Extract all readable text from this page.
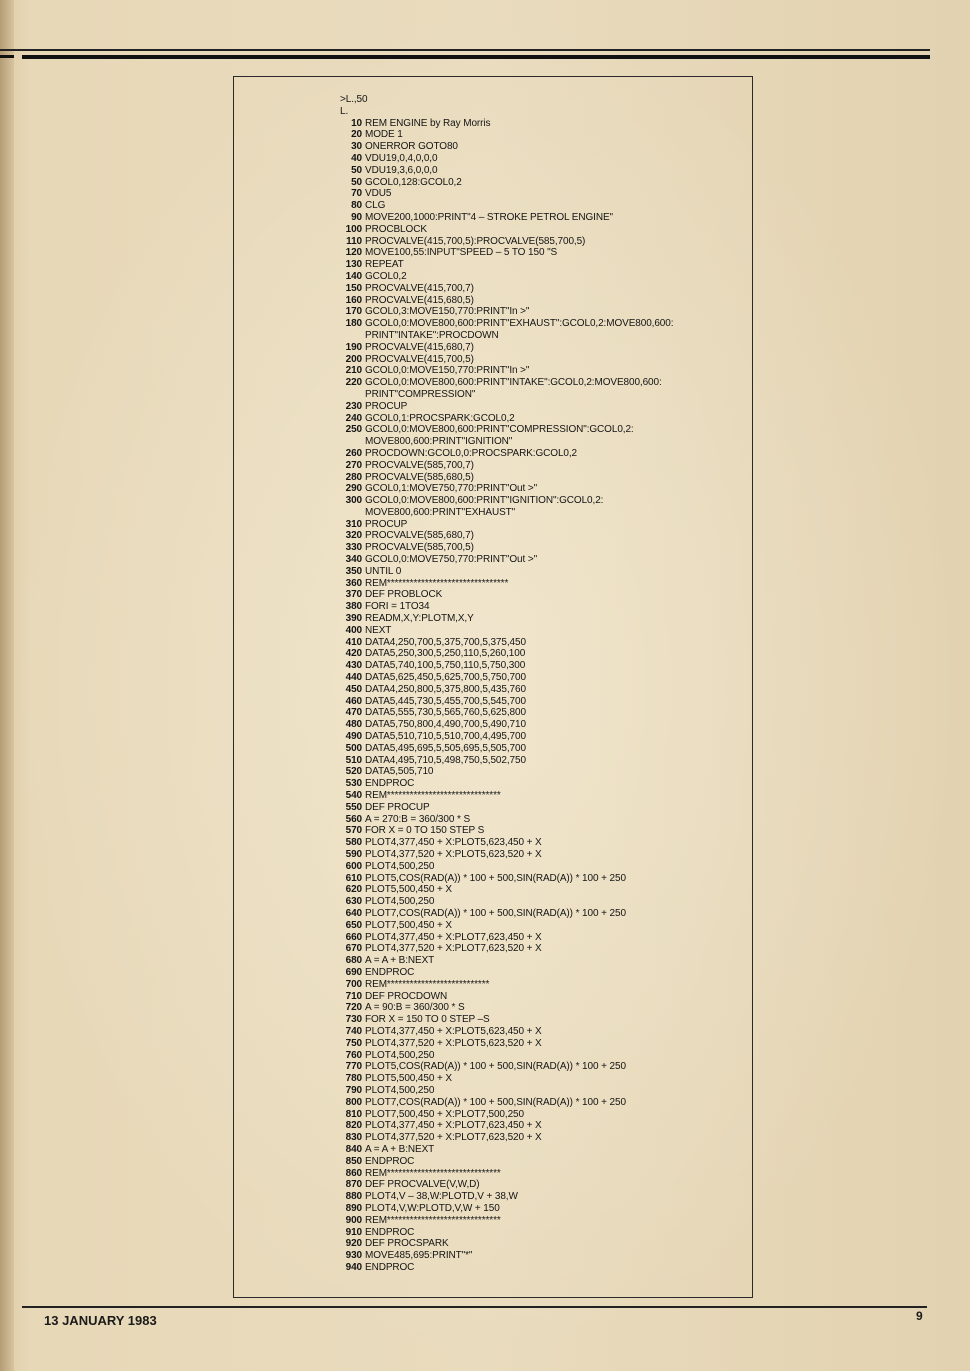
>L.,50
L.
10 REM ENGINE by Ray Morris
20 MODE 1
30 ONERROR GOTO80
40 VDU19,0,4,0,0,0
50 VDU19,3,6,0,0,0
50 GCOL0,128:GCOL0,2
70 VDU5
80 CLG
90 MOVE200,1000:PRINT"4 – STROKE PETROL ENGINE"
100 PROCBLOCK
110 PROCVALVE(415,700,5):PROCVALVE(585,700,5)
120 MOVE100,55:INPUT"SPEED – 5 TO 150 "S
130 REPEAT
140 GCOL0,2
150 PROCVALVE(415,700,7)
160 PROCVALVE(415,680,5)
170 GCOL0,3:MOVE150,770:PRINT"In >"
180 GCOL0,0:MOVE800,600:PRINT"EXHAUST":GCOL0,2:MOVE800,600:
PRINT"INTAKE":PROCDOWN
190 PROCVALVE(415,680,7)
200 PROCVALVE(415,700,5)
210 GCOL0,0:MOVE150,770:PRINT"In >"
220 GCOL0,0:MOVE800,600:PRINT"INTAKE":GCOL0,2:MOVE800,600:
PRINT"COMPRESSION"
230 PROCUP
240 GCOL0,1:PROCSPARK:GCOL0,2
250 GCOL0,0:MOVE800,600:PRINT"COMPRESSION":GCOL0,2:
MOVE800,600:PRINT"IGNITION"
260 PROCDOWN:GCOL0,0:PROCSPARK:GCOL0,2
270 PROCVALVE(585,700,7)
280 PROCVALVE(585,680,5)
290 GCOL0,1:MOVE750,770:PRINT"Out >"
300 GCOL0,0:MOVE800,600:PRINT"IGNITION":GCOL0,2:
MOVE800,600:PRINT"EXHAUST"
310 PROCUP
320 PROCVALVE(585,680,7)
330 PROCVALVE(585,700,5)
340 GCOL0,0:MOVE750,770:PRINT"Out >"
350 UNTIL 0
360 REM********************************
370 DEF PROBLOCK
380 FORI = 1TO34
390 READM,X,Y:PLOTM,X,Y
400 NEXT
410 DATA4,250,700,5,375,700,5,375,450
420 DATA5,250,300,5,250,110,5,260,100
430 DATA5,740,100,5,750,110,5,750,300
440 DATA5,625,450,5,625,700,5,750,700
450 DATA4,250,800,5,375,800,5,435,760
460 DATA5,445,730,5,455,700,5,545,700
470 DATA5,555,730,5,565,760,5,625,800
480 DATA5,750,800,4,490,700,5,490,710
490 DATA5,510,710,5,510,700,4,495,700
500 DATA5,495,695,5,505,695,5,505,700
510 DATA4,495,710,5,498,750,5,502,750
520 DATA5,505,710
530 ENDPROC
540 REM******************************
550 DEF PROCUP
560 A = 270:B = 360/300 * S
570 FOR X = 0 TO 150 STEP S
580 PLOT4,377,450 + X:PLOT5,623,450 + X
590 PLOT4,377,520 + X:PLOT5,623,520 + X
600 PLOT4,500,250
610 PLOT5,COS(RAD(A)) * 100 + 500,SIN(RAD(A)) * 100 + 250
620 PLOT5,500,450 + X
630 PLOT4,500,250
640 PLOT7,COS(RAD(A)) * 100 + 500,SIN(RAD(A)) * 100 + 250
650 PLOT7,500,450 + X
660 PLOT4,377,450 + X:PLOT7,623,450 + X
670 PLOT4,377,520 + X:PLOT7,623,520 + X
680 A = A + B:NEXT
690 ENDPROC
700 REM***************************
710 DEF PROCDOWN
720 A = 90:B = 360/300 * S
730 FOR X = 150 TO 0 STEP –S
740 PLOT4,377,450 + X:PLOT5,623,450 + X
750 PLOT4,377,520 + X:PLOT5,623,520 + X
760 PLOT4,500,250
770 PLOT5,COS(RAD(A)) * 100 + 500,SIN(RAD(A)) * 100 + 250
780 PLOT5,500,450 + X
790 PLOT4,500,250
800 PLOT7,COS(RAD(A)) * 100 + 500,SIN(RAD(A)) * 100 + 250
810 PLOT7,500,450 + X:PLOT7,500,250
820 PLOT4,377,450 + X:PLOT7,623,450 + X
830 PLOT4,377,520 + X:PLOT7,623,520 + X
840 A = A + B:NEXT
850 ENDPROC
860 REM******************************
870 DEF PROCVALVE(V,W,D)
880 PLOT4,V – 38,W:PLOTD,V + 38,W
890 PLOT4,V,W:PLOTD,V,W + 150
900 REM******************************
910 ENDPROC
920 DEF PROCSPARK
930 MOVE485,695:PRINT"*"
940 ENDPROC
13 JANUARY 1983	9
